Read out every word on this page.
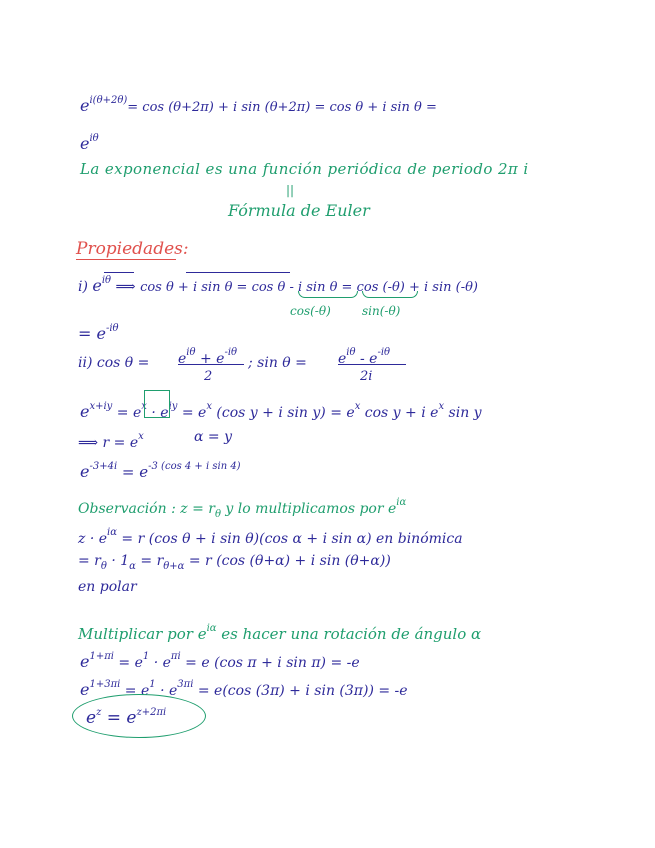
$e^{i(\theta+2\theta)}= \cos (\theta+2\pi) + i$ sin (θ+2π) = cos θ + i sin θ =
$e^{i\theta}$
La exponencial es una función periódica de periodo 2π i
||
Fórmula de Euler
Propiedades:
i) $e^{i\theta}$ ⟹ cos θ + i sin θ = cos θ - i sin θ = cos (-θ) + i sin (-θ)
cos(-θ)	sin(-θ)
= $e^{-i\theta}$
ii) $\cos \theta = e^{i\theta} + e^{-i\theta}$
2
; $\sin \theta = e^{i\theta} - e^{-i\theta}$
2i
$e^{x+iy} = e^x \cdot e^{iy} = e^x$ (cos y + i $\sin y) = e^x$ cos y + i $e^x$ sin y
⟹ $r = e^x$	α = y
$e^{-3+4i} = e^{-3 (cos 4 + i sin 4)}$
Observación : $z = r_\theta$ y lo multiplicamos por $e^{i\alpha}$
$z \cdot e^{i\alpha} = r$ (cos θ + i sin θ)(cos α + i sin α) en binómica
= $r_\theta \cdot 1_\alpha = r_{\theta+\alpha} = r$ (cos (θ+α) + i sin (θ+α))
en polar
Multiplicar por $e^{i\alpha}$ es hacer una rotación de ángulo α
$e^{1+\pi i} = e^1 \cdot e^{\pi i} = e$ (cos π + i sin π) = -e
$e^{1+3\pi i} = e^1 \cdot e^{3\pi i} = e(\cos$ (3π) + i sin (3π)) = -e
$e^z = e^{z+2\pi i}$
